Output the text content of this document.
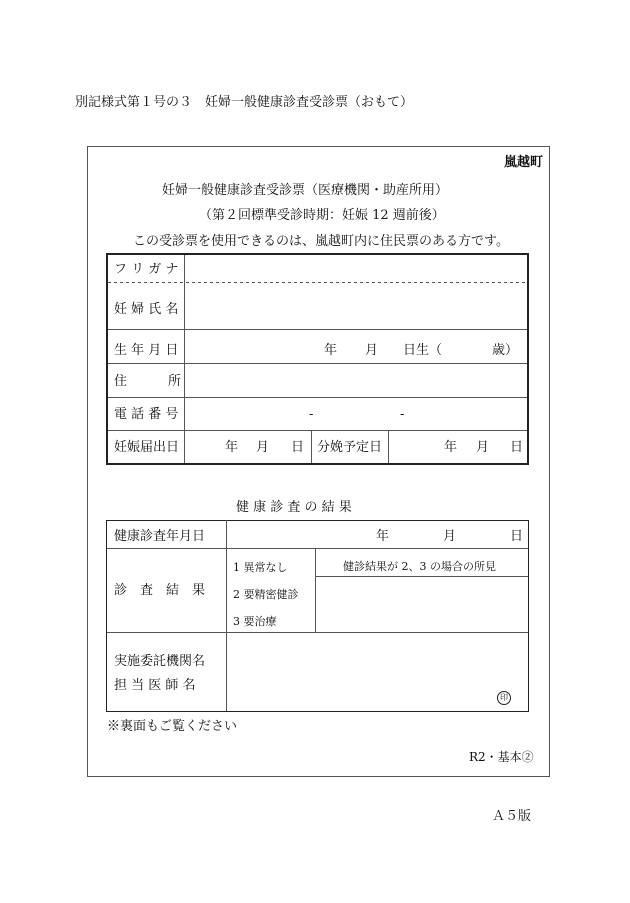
別記様式第１号の３　妊婦一般健康診査受診票（おもて）
嵐越町
妊婦一般健康診査受診票（医療機関・助産所用）
（第２回標準受診時期：妊娠 12 週前後）
この受診票を使用できるのは、嵐越町内に住民票のある方です。
フ リ ガ ナ
妊 婦 氏 名
生 年 月 日	年 月 日生（	歳）
住	所
電 話 番 号	-	-
妊娠届出日	年 月 日 分娩予定日	年 月 日
健 康 診 査 の 結 果
健康診査年月日	年	月	日
診　査　結　果
1 異常なし
2 要精密健診
3 要治療
健診結果が 2、3 の場合の所見
実施委託機関名
担 当 医 師 名
印
※裏面もご覧ください
R2・基本②
Ａ５版
